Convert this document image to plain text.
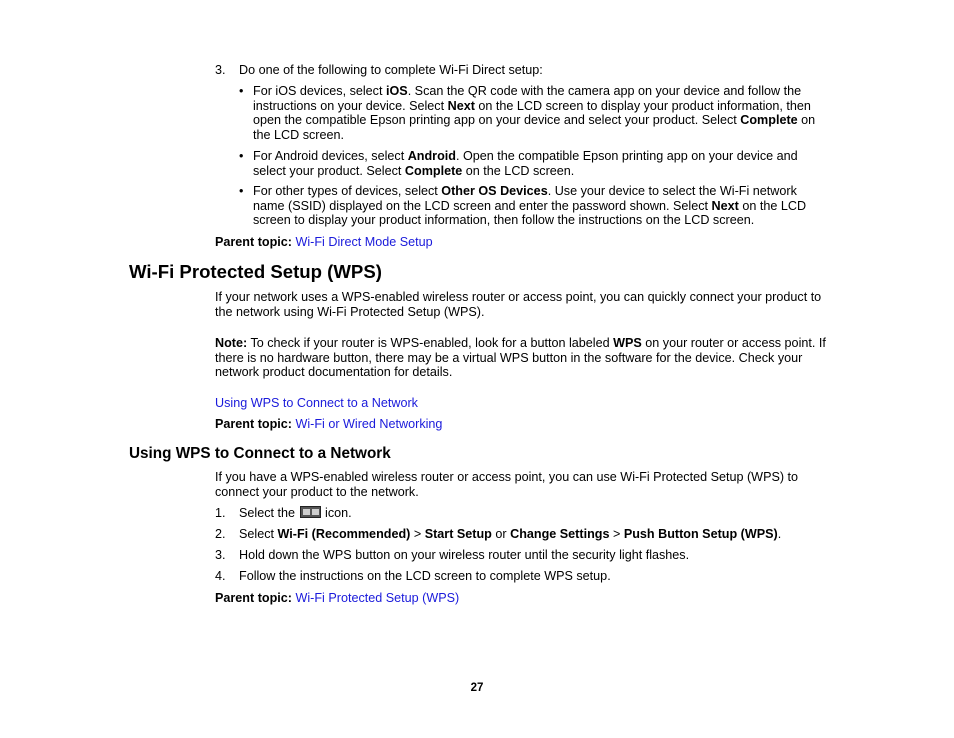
3. Do one of the following to complete Wi-Fi Direct setup:
• For iOS devices, select iOS. Scan the QR code with the camera app on your device and follow the instructions on your device. Select Next on the LCD screen to display your product information, then open the compatible Epson printing app on your device and select your product. Select Complete on the LCD screen.
• For Android devices, select Android. Open the compatible Epson printing app on your device and select your product. Select Complete on the LCD screen.
• For other types of devices, select Other OS Devices. Use your device to select the Wi-Fi network name (SSID) displayed on the LCD screen and enter the password shown. Select Next on the LCD screen to display your product information, then follow the instructions on the LCD screen.
Parent topic: Wi-Fi Direct Mode Setup
Wi-Fi Protected Setup (WPS)
If your network uses a WPS-enabled wireless router or access point, you can quickly connect your product to the network using Wi-Fi Protected Setup (WPS).
Note: To check if your router is WPS-enabled, look for a button labeled WPS on your router or access point. If there is no hardware button, there may be a virtual WPS button in the software for the device. Check your network product documentation for details.
Using WPS to Connect to a Network
Parent topic: Wi-Fi or Wired Networking
Using WPS to Connect to a Network
If you have a WPS-enabled wireless router or access point, you can use Wi-Fi Protected Setup (WPS) to connect your product to the network.
1. Select the  icon.
2. Select Wi-Fi (Recommended) > Start Setup or Change Settings > Push Button Setup (WPS).
3. Hold down the WPS button on your wireless router until the security light flashes.
4. Follow the instructions on the LCD screen to complete WPS setup.
Parent topic: Wi-Fi Protected Setup (WPS)
27
